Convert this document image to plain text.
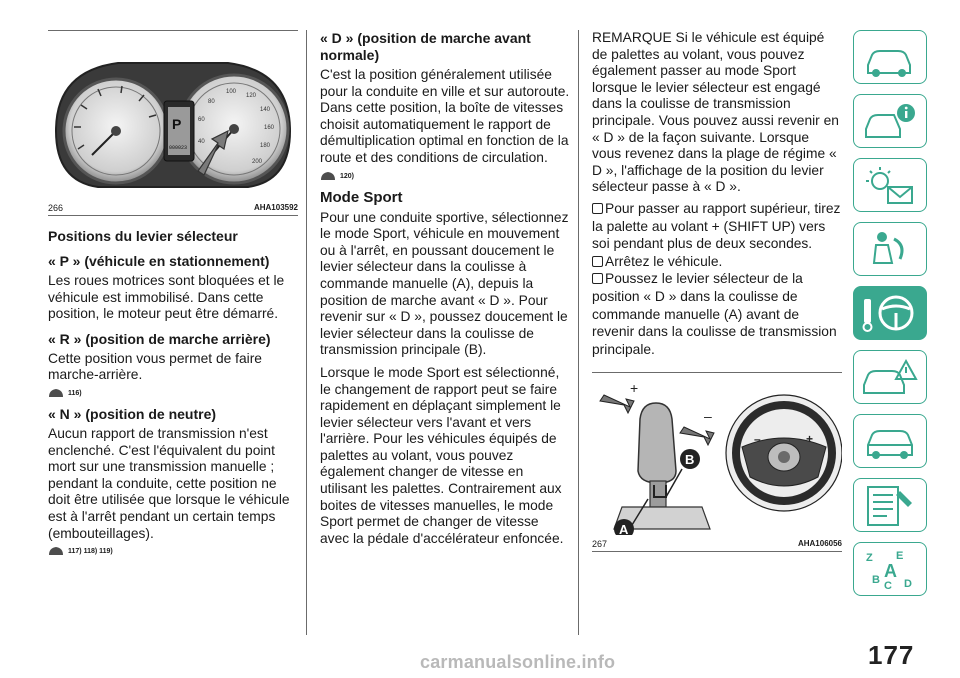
40
60
80
100
120
140
160
180
200
P
000023
266	AHA103592
Positions du levier sélecteur
« P » (véhicule en stationnement)

Les roues motrices sont bloquées et le véhicule est immobilisé. Dans cette position, le moteur peut être démarré.

« R » (position de marche arrière)

Cette position vous permet de faire marche-arrière.

116)
« N » (position de neutre)

Aucun rapport de transmission n'est enclenché. C'est l'équivalent du point mort sur une transmission manuelle ; pendant la conduite, cette position ne doit être utilisée que lorsque le véhicule est à l'arrêt pendant un certain temps (embouteillages).

117) 118) 119)
« D » (position de marche avant normale)

C'est la position généralement utilisée pour la conduite en ville et sur autoroute. Dans cette position, la boîte de vitesses choisit automatiquement le rapport de démultiplication optimal en fonction de la route et des conditions de circulation.

120)
Mode Sport

Pour une conduite sportive, sélectionnez le mode Sport, véhicule en mouvement ou à l'arrêt, en poussant doucement le levier sélecteur dans la coulisse à commande manuelle (A), depuis la position de marche avant « D ». Pour revenir sur « D », poussez doucement le levier sélecteur dans la coulisse de transmission principale (B).

Lorsque le mode Sport est sélectionné, le changement de rapport peut se faire rapidement en déplaçant simplement le levier sélecteur vers l'avant et vers l'arrière. Pour les véhicules équipés de palettes au volant, vous pouvez également changer de vitesse en utilisant les palettes. Contrairement aux boites de vitesses manuelles, le mode Sport permet de changer de vitesse avec la pédale d'accélérateur enfoncée.

REMARQUE Si le véhicule est équipé de palettes au volant, vous pouvez également passer au mode Sport lorsque le levier sélecteur est engagé dans la coulisse de transmission principale. Vous pouvez aussi revenir en « D » de la façon suivante. Lorsque vous revenez dans la plage de régime « D », l'affichage de la position du levier sélecteur passe à « D ».

Pour passer au rapport supérieur, tirez la palette au volant + (SHIFT UP) vers soi pendant plus de deux secondes.

Arrêtez le véhicule.

Poussez le levier sélecteur de la position « D » dans la coulisse de commande manuelle (A) avant de revenir dans la coulisse de transmission principale.

+
–
B
A
–	+
267	AHA106056
Z E
B C D
A
177
carmanualsonline.info
